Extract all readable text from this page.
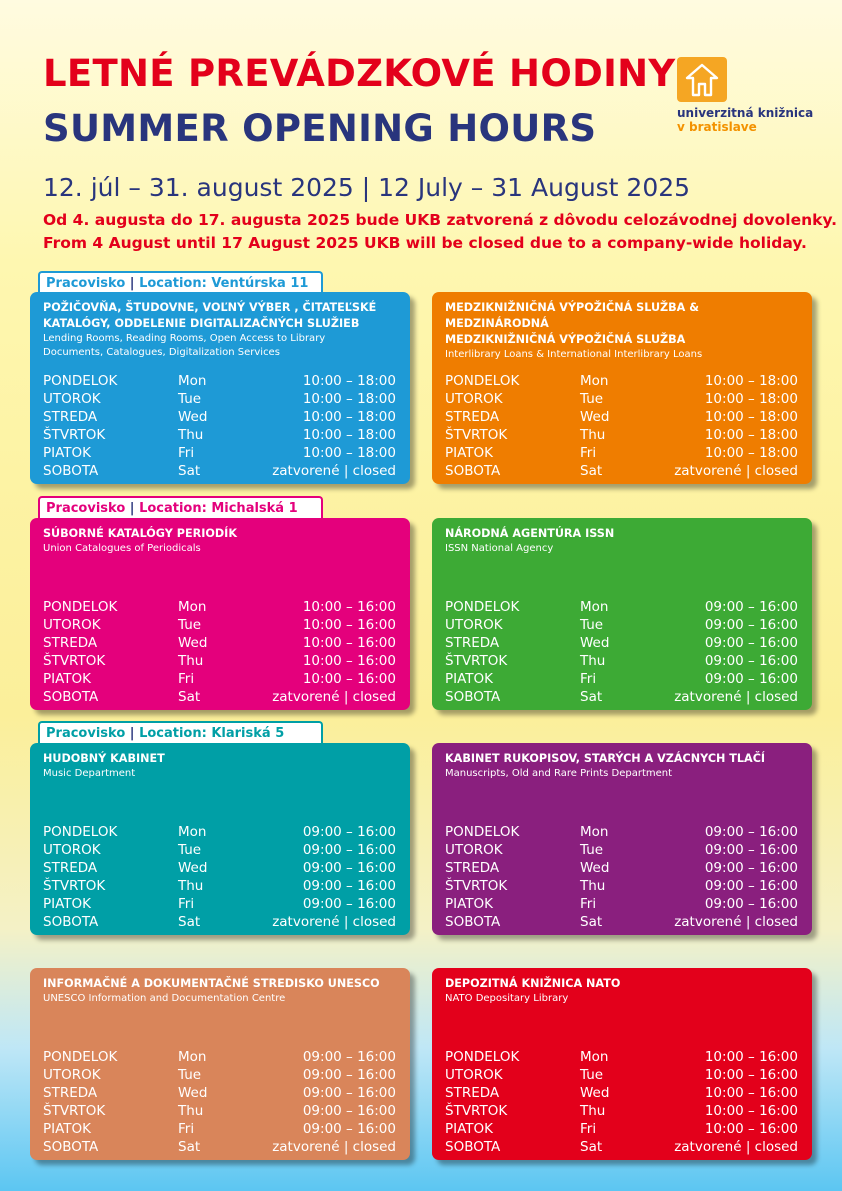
LETNÉ PREVÁDZKOVÉ HODINY
SUMMER OPENING HOURS	univerzitná knižnica
v bratislave
12. júl – 31. august 2025 | 12 July – 31 August 2025
Od 4. augusta do 17. augusta 2025 bude UKB zatvorená z dôvodu celozávodnej dovolenky.
From 4 August until 17 August 2025 UKB will be closed due to a company-wide holiday.
Pracovisko | Location: Ventúrska 11
Pracovisko | Location: Michalská 1
Pracovisko | Location: Klariská 5
POŽIČOVŇA, ŠTUDOVNE, VOĽNÝ VÝBER , ČITATEĽSKÉ
KATALÓGY, ODDELENIE DIGITALIZAČNÝCH SLUŽIEB
Lending Rooms, Reading Rooms, Open Access to Library
Documents, Catalogues, Digitalization Services
PONDELOK	Mon	10:00 – 18:00
UTOROK	Tue	10:00 – 18:00
STREDA	Wed	10:00 – 18:00
ŠTVRTOK	Thu	10:00 – 18:00
PIATOK	Fri	10:00 – 18:00
SOBOTA	Sat	zatvorené | closed
MEDZIKNIŽNIČNÁ VÝPOŽIČNÁ SLUŽBA & MEDZINÁRODNÁ
MEDZIKNIŽNIČNÁ VÝPOŽIČNÁ SLUŽBA
Interlibrary Loans & International Interlibrary Loans
PONDELOK	Mon	10:00 – 18:00
UTOROK	Tue	10:00 – 18:00
STREDA	Wed	10:00 – 18:00
ŠTVRTOK	Thu	10:00 – 18:00
PIATOK	Fri	10:00 – 18:00
SOBOTA	Sat	zatvorené | closed
SÚBORNÉ KATALÓGY PERIODÍK
Union Catalogues of Periodicals
PONDELOK	Mon	10:00 – 16:00
UTOROK	Tue	10:00 – 16:00
STREDA	Wed	10:00 – 16:00
ŠTVRTOK	Thu	10:00 – 16:00
PIATOK	Fri	10:00 – 16:00
SOBOTA	Sat	zatvorené | closed
NÁRODNÁ AGENTÚRA ISSN
ISSN National Agency
PONDELOK	Mon	09:00 – 16:00
UTOROK	Tue	09:00 – 16:00
STREDA	Wed	09:00 – 16:00
ŠTVRTOK	Thu	09:00 – 16:00
PIATOK	Fri	09:00 – 16:00
SOBOTA	Sat	zatvorené | closed
HUDOBNÝ KABINET
Music Department
PONDELOK	Mon	09:00 – 16:00
UTOROK	Tue	09:00 – 16:00
STREDA	Wed	09:00 – 16:00
ŠTVRTOK	Thu	09:00 – 16:00
PIATOK	Fri	09:00 – 16:00
SOBOTA	Sat	zatvorené | closed
KABINET RUKOPISOV, STARÝCH A VZÁCNYCH TLAČÍ
Manuscripts, Old and Rare Prints Department
PONDELOK	Mon	09:00 – 16:00
UTOROK	Tue	09:00 – 16:00
STREDA	Wed	09:00 – 16:00
ŠTVRTOK	Thu	09:00 – 16:00
PIATOK	Fri	09:00 – 16:00
SOBOTA	Sat	zatvorené | closed
INFORMAČNÉ A DOKUMENTAČNÉ STREDISKO UNESCO
UNESCO Information and Documentation Centre
PONDELOK	Mon	09:00 – 16:00
UTOROK	Tue	09:00 – 16:00
STREDA	Wed	09:00 – 16:00
ŠTVRTOK	Thu	09:00 – 16:00
PIATOK	Fri	09:00 – 16:00
SOBOTA	Sat	zatvorené | closed
DEPOZITNÁ KNIŽNICA NATO
NATO Depositary Library
PONDELOK	Mon	10:00 – 16:00
UTOROK	Tue	10:00 – 16:00
STREDA	Wed	10:00 – 16:00
ŠTVRTOK	Thu	10:00 – 16:00
PIATOK	Fri	10:00 – 16:00
SOBOTA	Sat	zatvorené | closed
